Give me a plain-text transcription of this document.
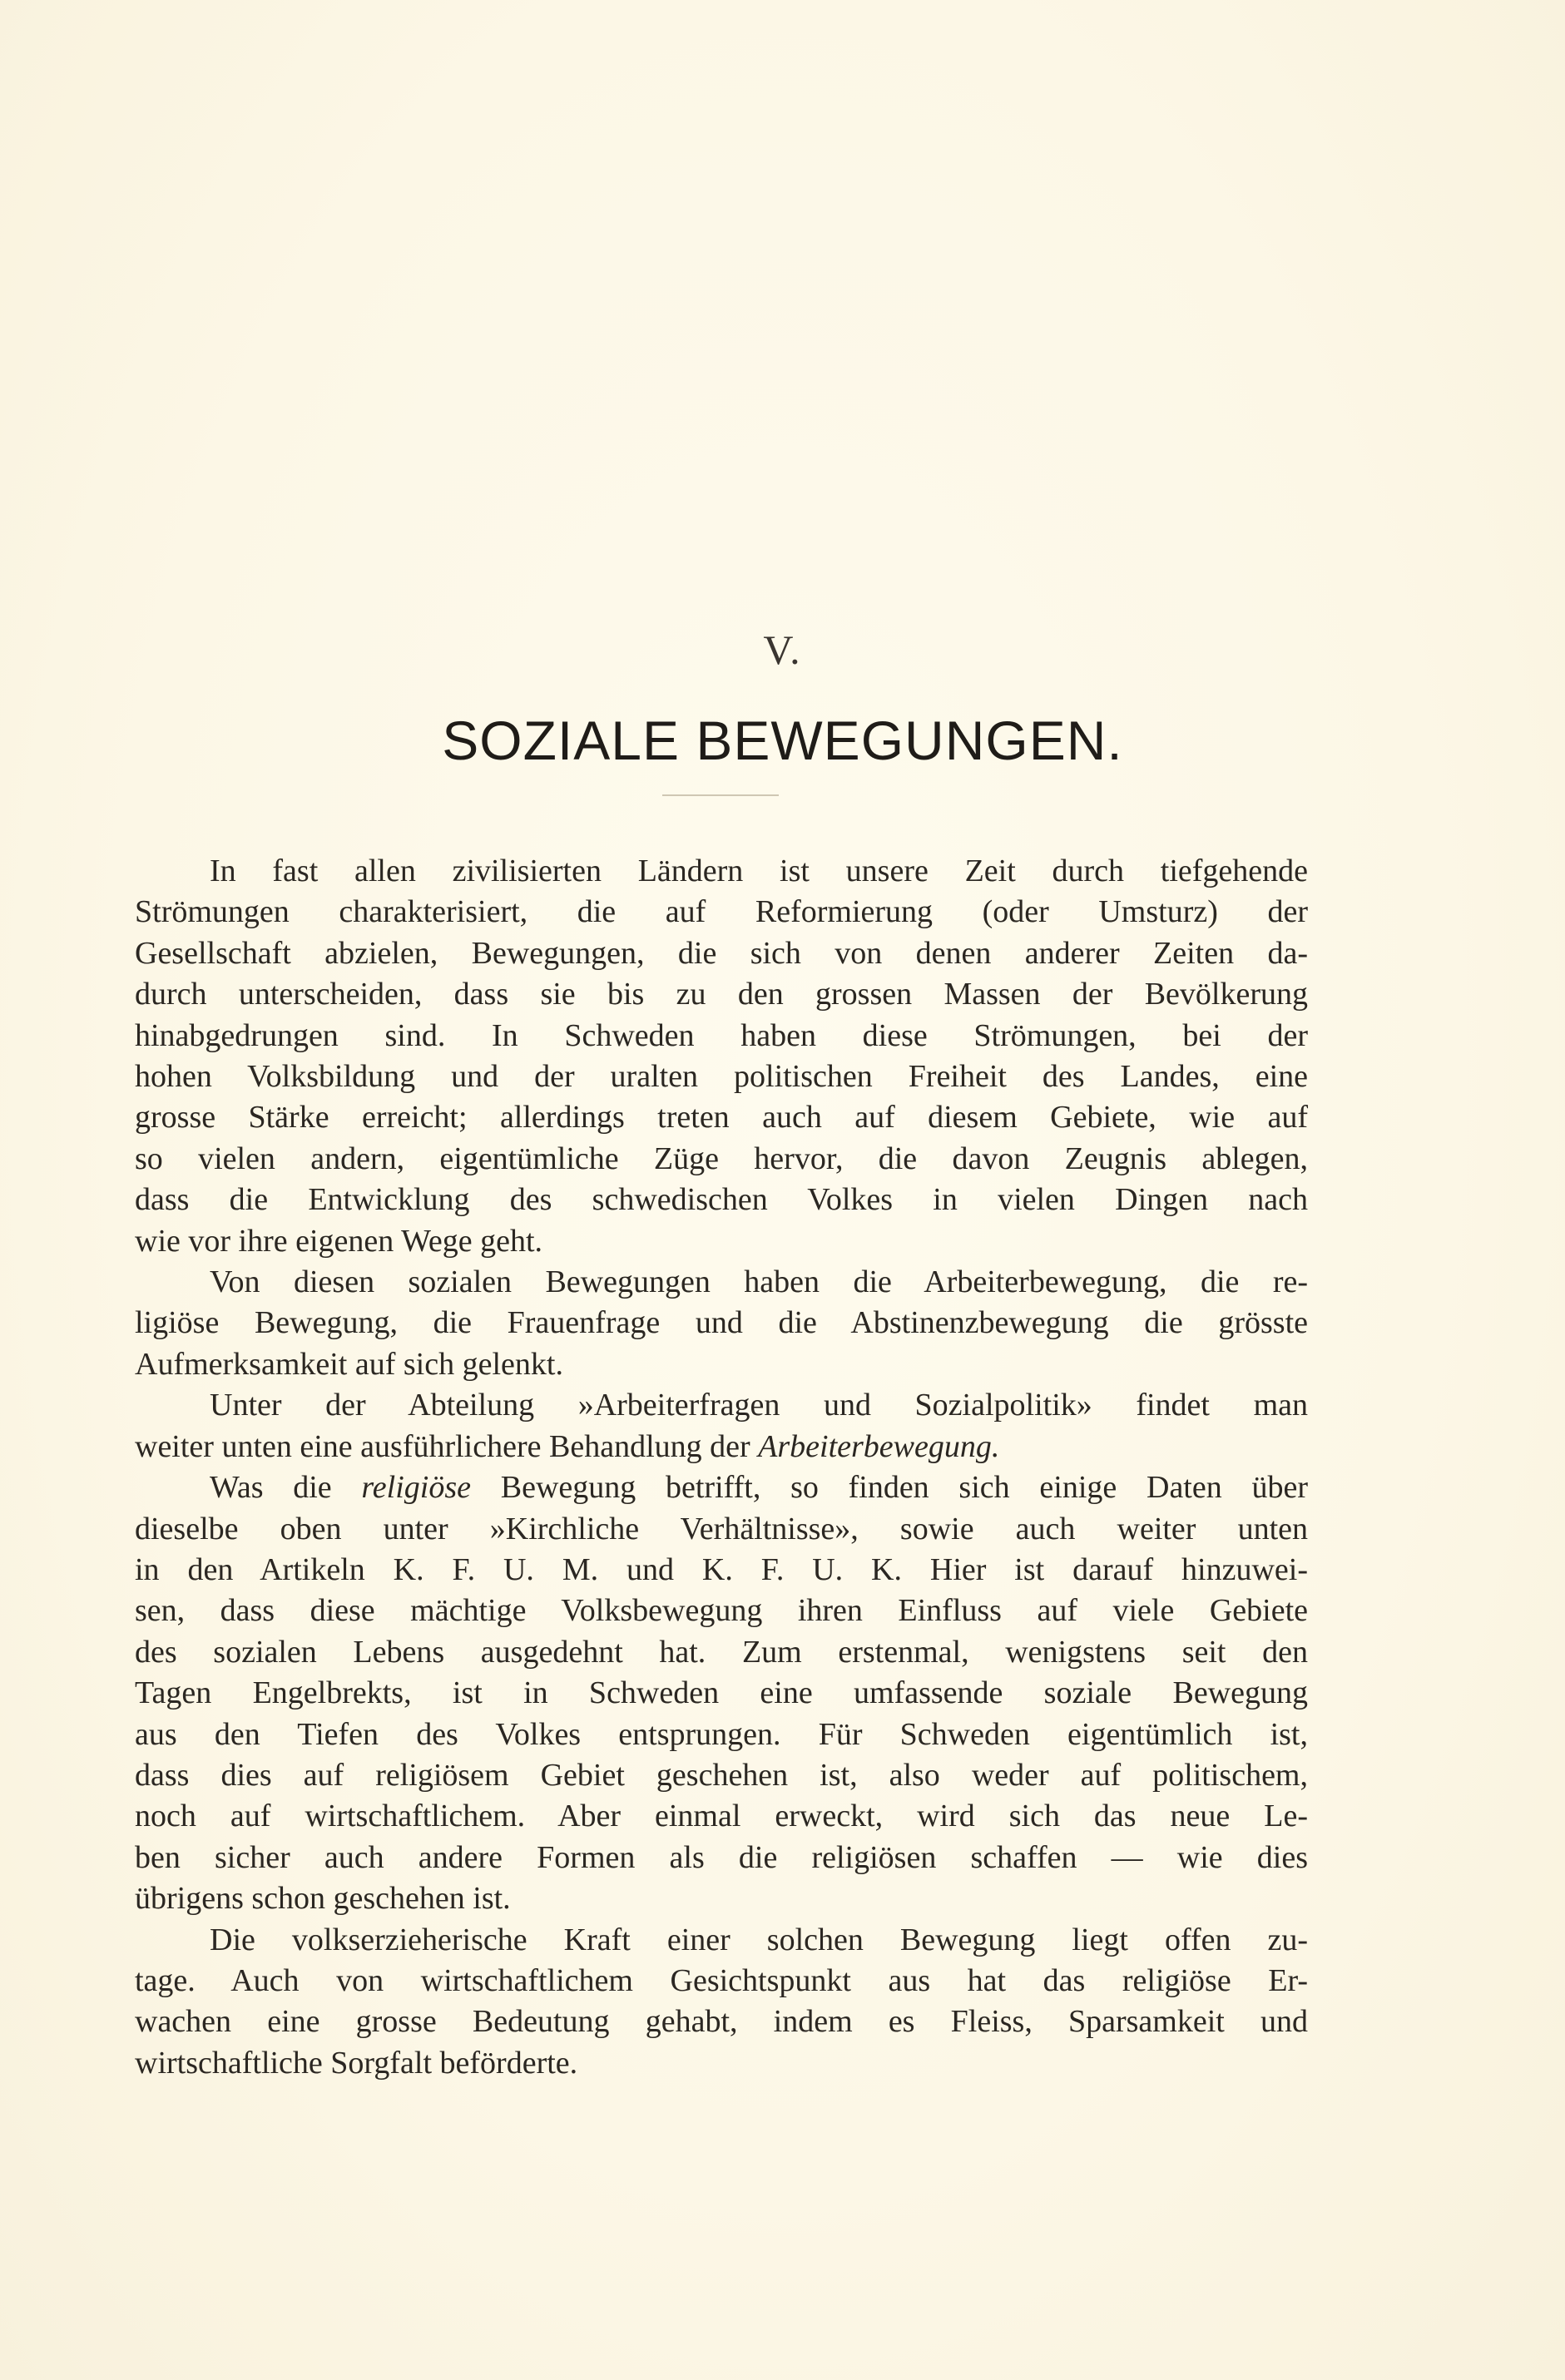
V.
SOZIALE BEWEGUNGEN.

In fast allen zivilisierten Ländern ist unsere Zeit durch tiefgehende
Strömungen charakterisiert, die auf Reformierung (oder Umsturz) der
Gesellschaft abzielen, Bewegungen, die sich von denen anderer Zeiten da-
durch unterscheiden, dass sie bis zu den grossen Massen der Bevölkerung
hinabgedrungen sind. In Schweden haben diese Strömungen, bei der
hohen Volksbildung und der uralten politischen Freiheit des Landes, eine
grosse Stärke erreicht; allerdings treten auch auf diesem Gebiete, wie auf
so vielen andern, eigentümliche Züge hervor, die davon Zeugnis ablegen,
dass die Entwicklung des schwedischen Volkes in vielen Dingen nach
wie vor ihre eigenen Wege geht.

Von diesen sozialen Bewegungen haben die Arbeiterbewegung, die re-
ligiöse Bewegung, die Frauenfrage und die Abstinenzbewegung die grösste
Aufmerksamkeit auf sich gelenkt.

Unter der Abteilung »Arbeiterfragen und Sozialpolitik» findet man
weiter unten eine ausführlichere Behandlung der Arbeiterbewegung.

Was die religiöse Bewegung betrifft, so finden sich einige Daten über
dieselbe oben unter »Kirchliche Verhältnisse», sowie auch weiter unten
in den Artikeln K. F. U. M. und K. F. U. K. Hier ist darauf hinzuwei-
sen, dass diese mächtige Volksbewegung ihren Einfluss auf viele Gebiete
des sozialen Lebens ausgedehnt hat. Zum erstenmal, wenigstens seit den
Tagen Engelbrekts, ist in Schweden eine umfassende soziale Bewegung
aus den Tiefen des Volkes entsprungen. Für Schweden eigentümlich ist,
dass dies auf religiösem Gebiet geschehen ist, also weder auf politischem,
noch auf wirtschaftlichem. Aber einmal erweckt, wird sich das neue Le-
ben sicher auch andere Formen als die religiösen schaffen — wie dies
übrigens schon geschehen ist.

Die volkserzieherische Kraft einer solchen Bewegung liegt offen zu-
tage. Auch von wirtschaftlichem Gesichtspunkt aus hat das religiöse Er-
wachen eine grosse Bedeutung gehabt, indem es Fleiss, Sparsamkeit und
wirtschaftliche Sorgfalt beförderte.
